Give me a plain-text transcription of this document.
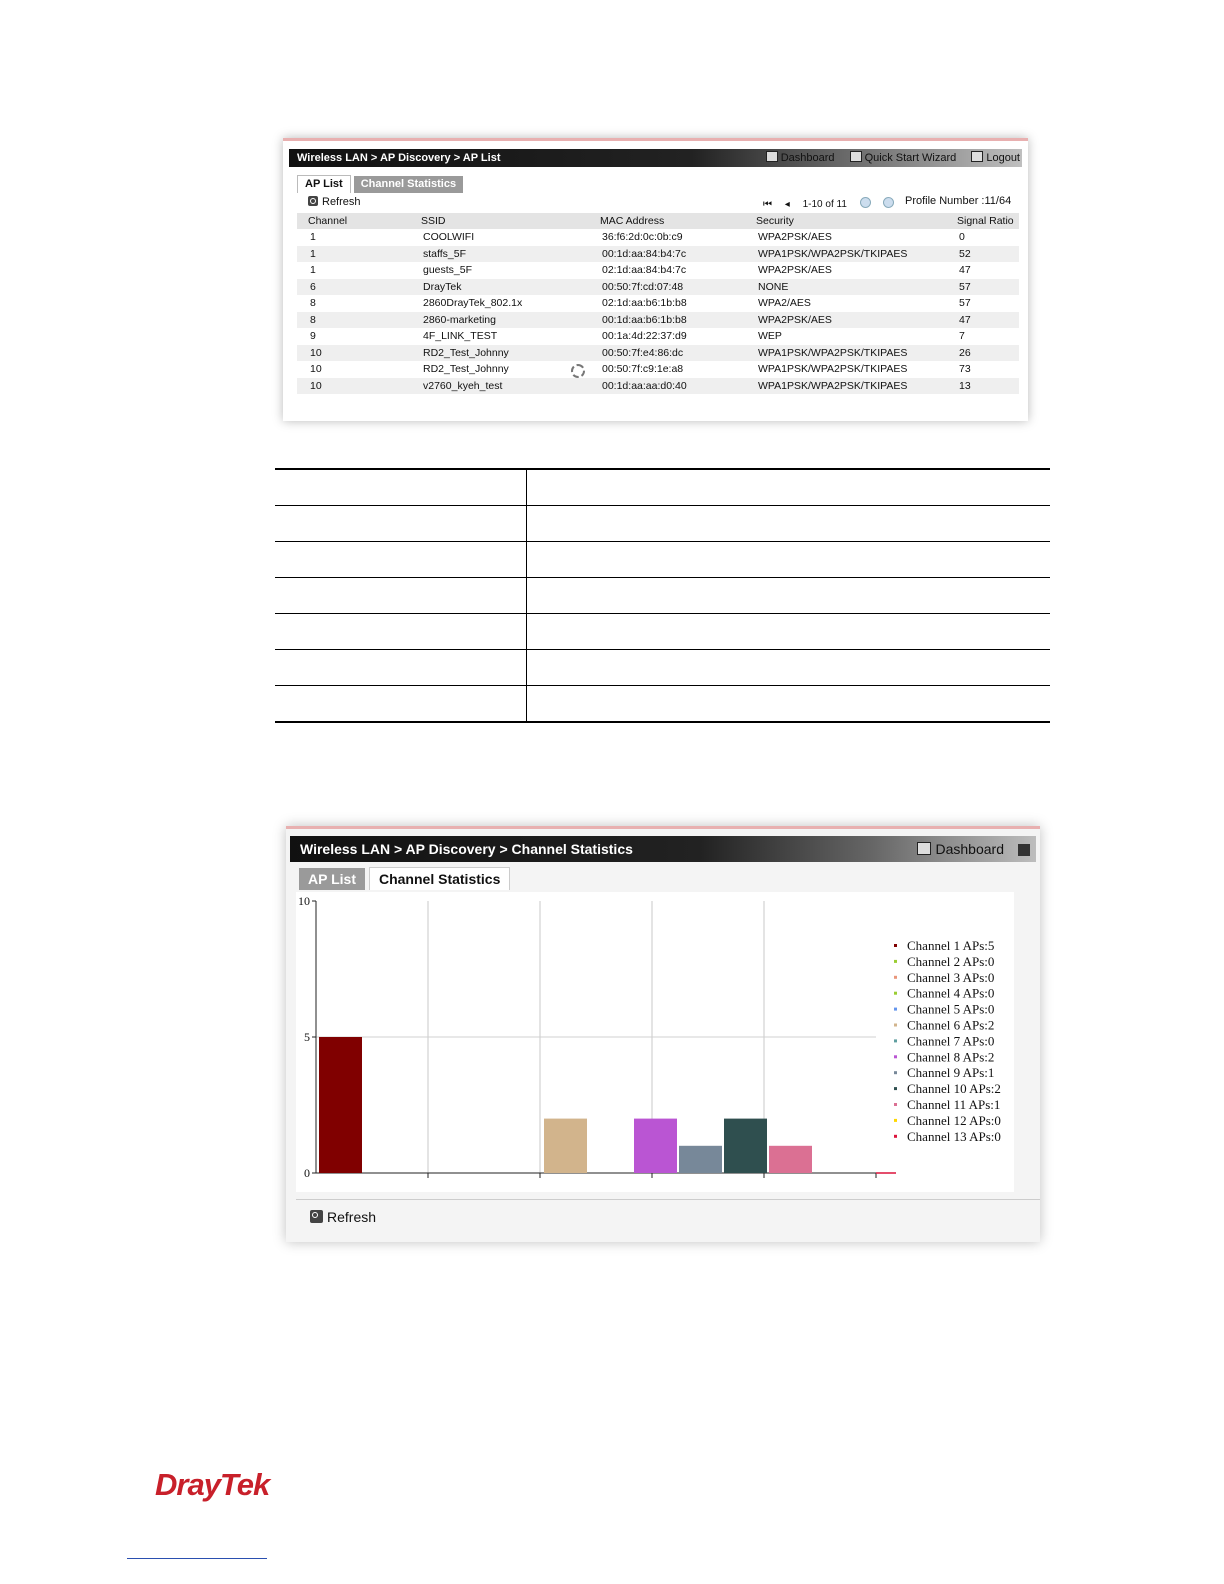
Wireless LAN > AP Discovery > AP List	Dashboard	Quick Start Wizard	Logout
AP List Channel Statistics
Refresh	⏮ ◂ 1-10 of 11	Profile Number :11/64
Channel	SSID	MAC Address	Security	Signal Ratio
1	COOLWIFI	36:f6:2d:0c:0b:c9	WPA2PSK/AES	0
1	staffs_5F	00:1d:aa:84:b4:7c	WPA1PSK/WPA2PSK/TKIPAES	52
1	guests_5F	02:1d:aa:84:b4:7c	WPA2PSK/AES	47
6	DrayTek	00:50:7f:cd:07:48	NONE	57
8	2860DrayTek_802.1x	02:1d:aa:b6:1b:b8	WPA2/AES	57
8	2860-marketing	00:1d:aa:b6:1b:b8	WPA2PSK/AES	47
9	4F_LINK_TEST	00:1a:4d:22:37:d9	WEP	7
10	RD2_Test_Johnny	00:50:7f:e4:86:dc	WPA1PSK/WPA2PSK/TKIPAES	26
10	RD2_Test_Johnny	00:50:7f:c9:1e:a8	WPA1PSK/WPA2PSK/TKIPAES	73
10	v2760_kyeh_test	00:1d:aa:aa:d0:40	WPA1PSK/WPA2PSK/TKIPAES	13

Wireless LAN > AP Discovery > Channel Statistics	Dashboard
AP List Channel Statistics
10
5
0
Channel 1 APs:5
Channel 2 APs:0
Channel 3 APs:0
Channel 4 APs:0
Channel 5 APs:0
Channel 6 APs:2
Channel 7 APs:0
Channel 8 APs:2
Channel 9 APs:1
Channel 10 APs:2
Channel 11 APs:1
Channel 12 APs:0
Channel 13 APs:0
Refresh
DrayTek
